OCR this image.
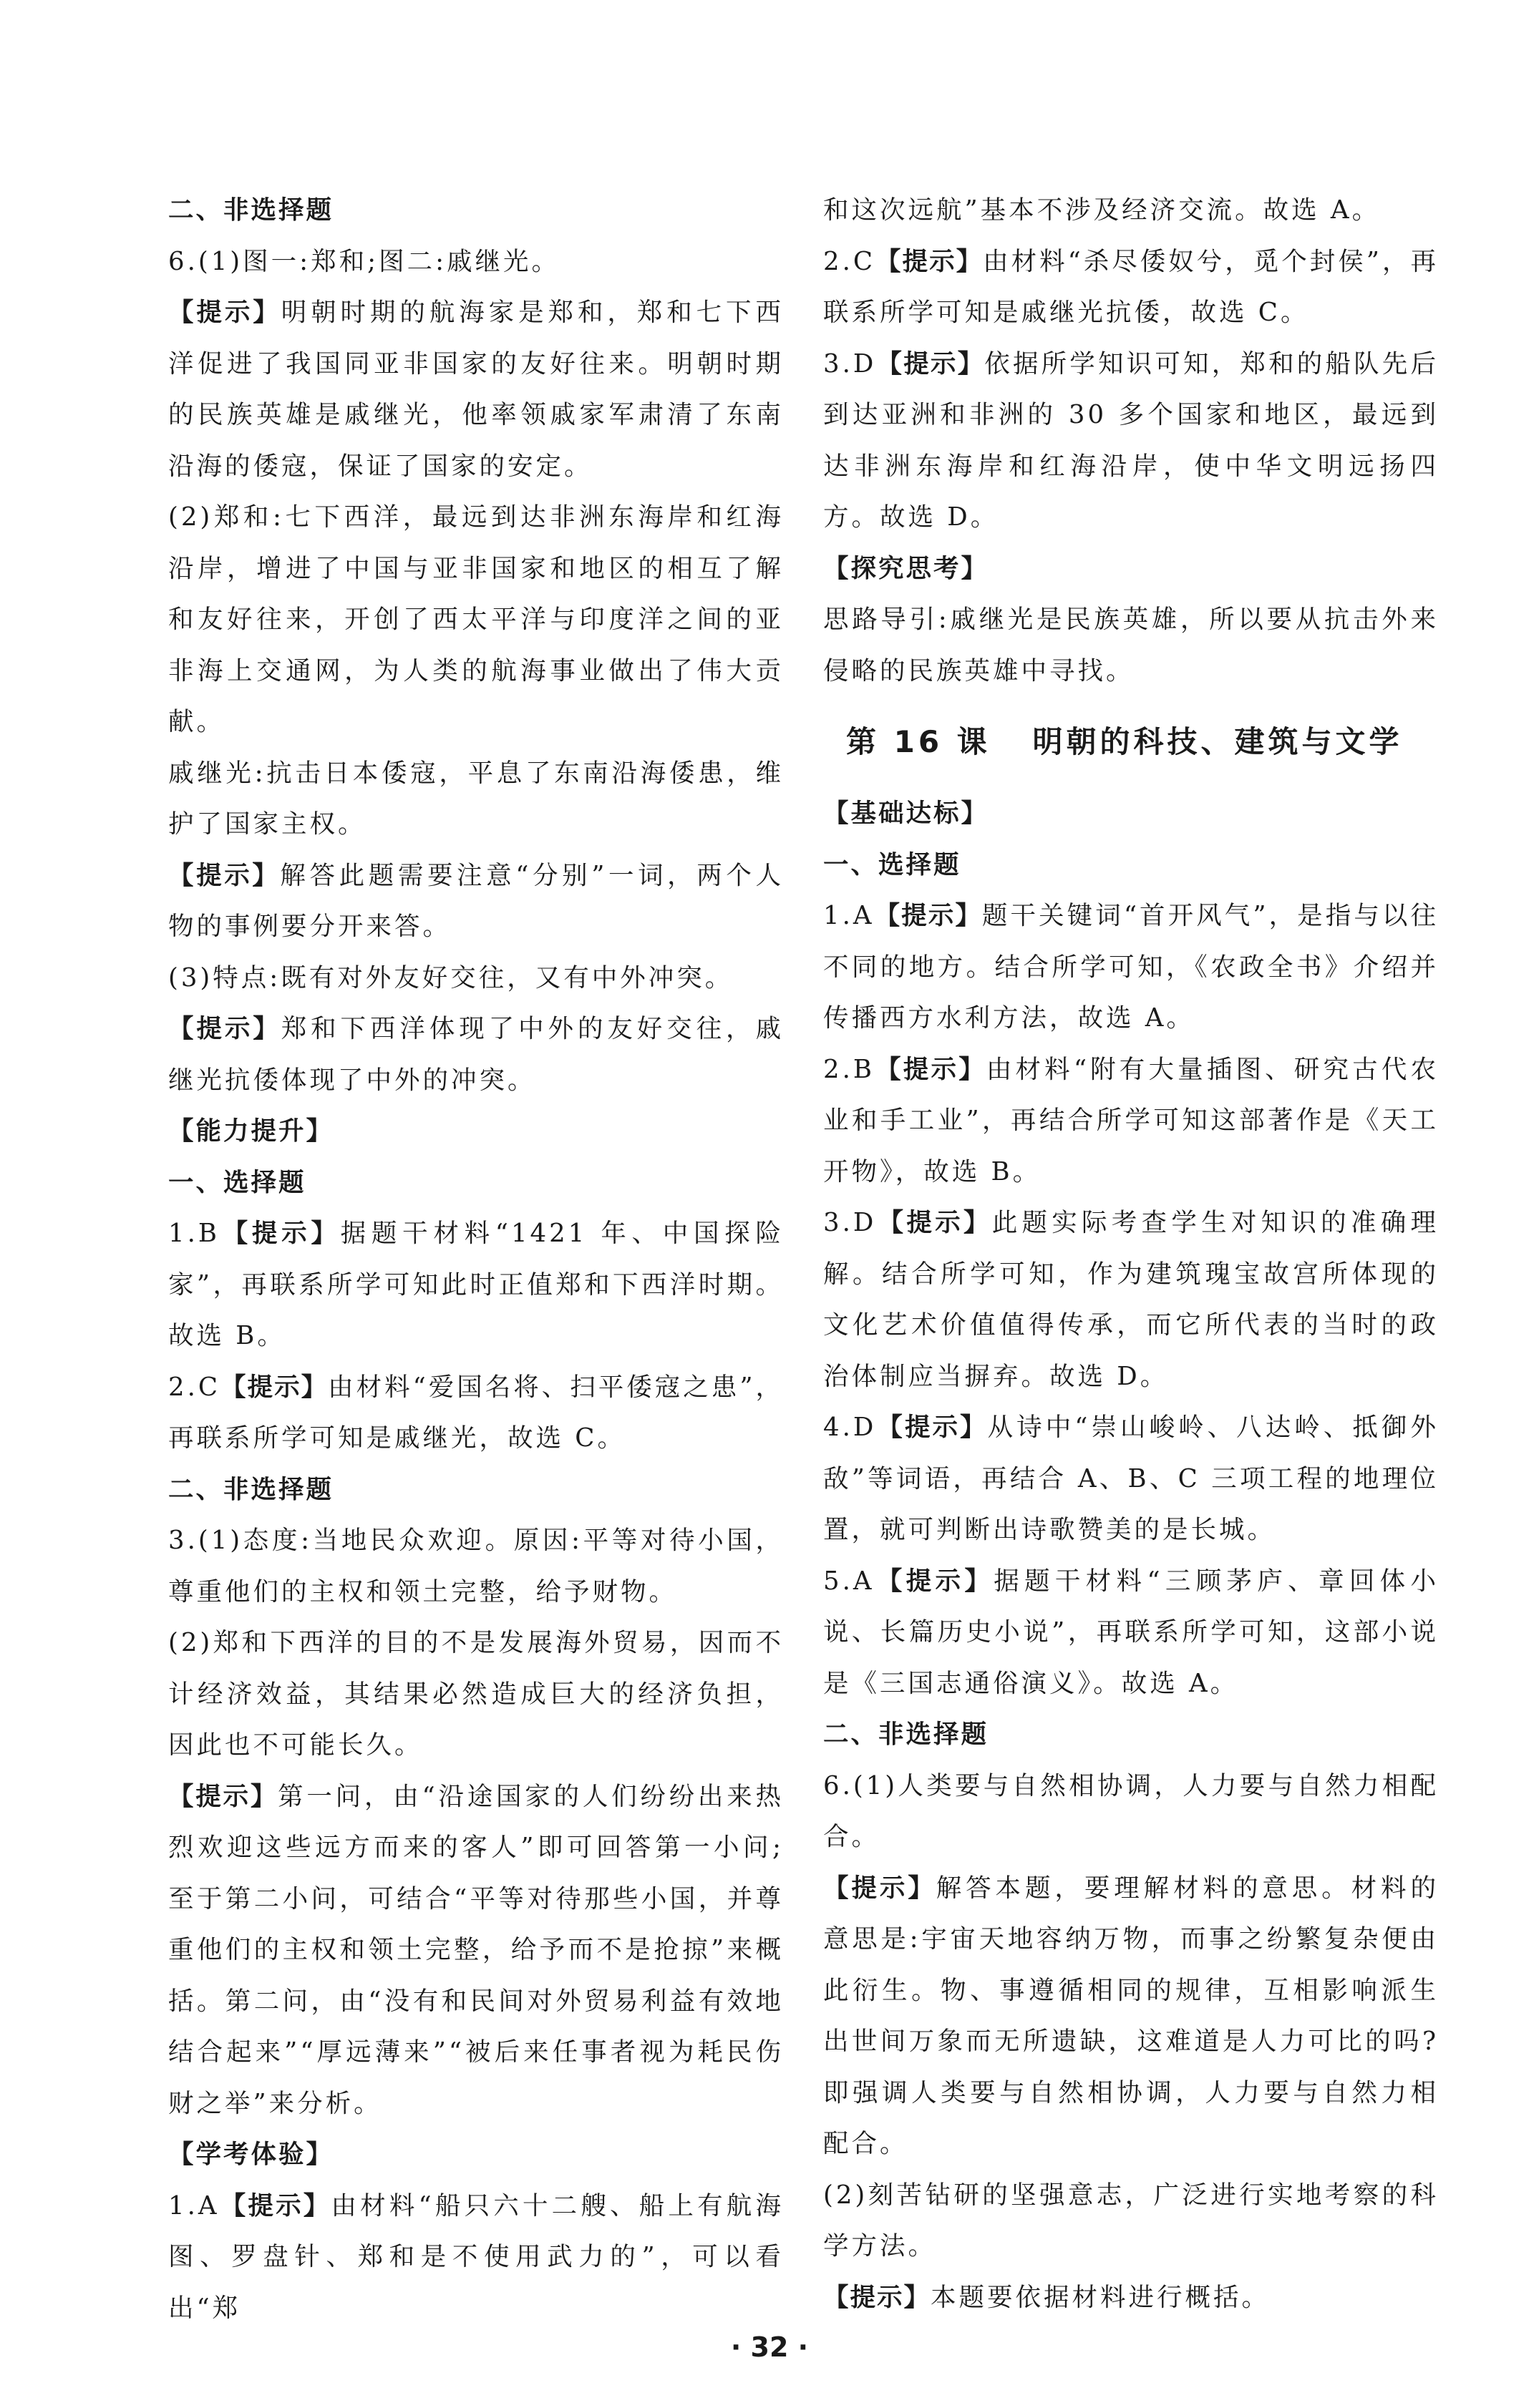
二、非选择题

6.(1)图一:郑和;图二:戚继光。

【提示】明朝时期的航海家是郑和，郑和七下西洋促进了我国同亚非国家的友好往来。明朝时期的民族英雄是戚继光，他率领戚家军肃清了东南沿海的倭寇，保证了国家的安定。

(2)郑和:七下西洋，最远到达非洲东海岸和红海沿岸，增进了中国与亚非国家和地区的相互了解和友好往来，开创了西太平洋与印度洋之间的亚非海上交通网，为人类的航海事业做出了伟大贡献。

戚继光:抗击日本倭寇，平息了东南沿海倭患，维护了国家主权。

【提示】解答此题需要注意“分别”一词，两个人物的事例要分开来答。

(3)特点:既有对外友好交往，又有中外冲突。

【提示】郑和下西洋体现了中外的友好交往，戚继光抗倭体现了中外的冲突。

【能力提升】

一、选择题

1.B【提示】据题干材料“1421 年、中国探险家”，再联系所学可知此时正值郑和下西洋时期。故选 B。

2.C【提示】由材料“爱国名将、扫平倭寇之患”，再联系所学可知是戚继光，故选 C。

二、非选择题

3.(1)态度:当地民众欢迎。原因:平等对待小国，尊重他们的主权和领土完整，给予财物。

(2)郑和下西洋的目的不是发展海外贸易，因而不计经济效益，其结果必然造成巨大的经济负担，因此也不可能长久。

【提示】第一问，由“沿途国家的人们纷纷出来热烈欢迎这些远方而来的客人”即可回答第一小问;至于第二小问，可结合“平等对待那些小国，并尊重他们的主权和领土完整，给予而不是抢掠”来概括。第二问，由“没有和民间对外贸易利益有效地结合起来”“厚远薄来”“被后来任事者视为耗民伤财之举”来分析。

【学考体验】

1.A【提示】由材料“船只六十二艘、船上有航海图、罗盘针、郑和是不使用武力的”，可以看出“郑

和这次远航”基本不涉及经济交流。故选 A。

2.C【提示】由材料“杀尽倭奴兮，觅个封侯”，再联系所学可知是戚继光抗倭，故选 C。

3.D【提示】依据所学知识可知，郑和的船队先后到达亚洲和非洲的 30 多个国家和地区，最远到达非洲东海岸和红海沿岸，使中华文明远扬四方。故选 D。

【探究思考】

思路导引:戚继光是民族英雄，所以要从抗击外来侵略的民族英雄中寻找。

第 16 课   明朝的科技、建筑与文学

【基础达标】

一、选择题

1.A【提示】题干关键词“首开风气”，是指与以往不同的地方。结合所学可知，《农政全书》介绍并传播西方水利方法，故选 A。

2.B【提示】由材料“附有大量插图、研究古代农业和手工业”，再结合所学可知这部著作是《天工开物》，故选 B。

3.D【提示】此题实际考查学生对知识的准确理解。结合所学可知，作为建筑瑰宝故宫所体现的文化艺术价值值得传承，而它所代表的当时的政治体制应当摒弃。故选 D。

4.D【提示】从诗中“崇山峻岭、八达岭、抵御外敌”等词语，再结合 A、B、C 三项工程的地理位置，就可判断出诗歌赞美的是长城。

5.A【提示】据题干材料“三顾茅庐、章回体小说、长篇历史小说”，再联系所学可知，这部小说是《三国志通俗演义》。故选 A。

二、非选择题

6.(1)人类要与自然相协调，人力要与自然力相配合。

【提示】解答本题，要理解材料的意思。材料的意思是:宇宙天地容纳万物，而事之纷繁复杂便由此衍生。物、事遵循相同的规律，互相影响派生出世间万象而无所遗缺，这难道是人力可比的吗? 即强调人类要与自然相协调，人力要与自然力相配合。

(2)刻苦钻研的坚强意志，广泛进行实地考察的科学方法。

【提示】本题要依据材料进行概括。

· 32 ·
